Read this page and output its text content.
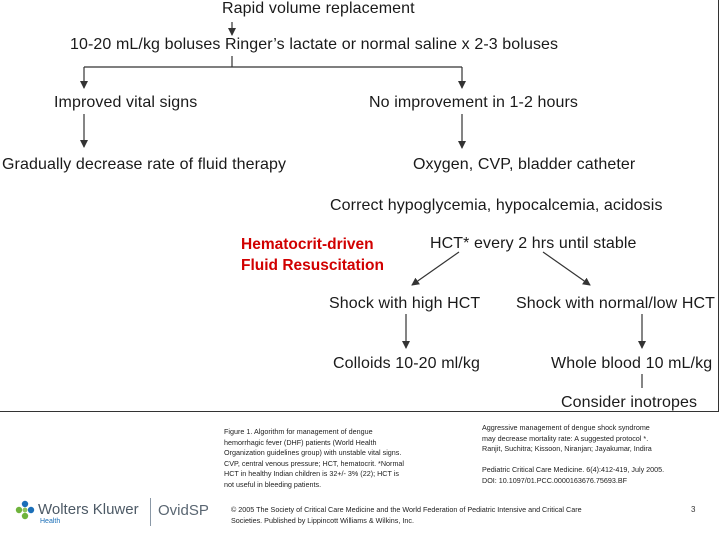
Rapid volume replacement
10-20 mL/kg boluses Ringer’s lactate or normal saline x 2-3 boluses
Improved vital signs	No improvement in 1-2 hours
Gradually decrease rate of fluid therapy	Oxygen, CVP, bladder catheter
Correct hypoglycemia, hypocalcemia, acidosis
Hematocrit-driven
Fluid Resuscitation
HCT* every 2 hrs until stable
Shock with high HCT Shock with normal/low HCT
Colloids 10-20 ml/kg	Whole blood 10 mL/kg
Consider inotropes
Figure 1. Algorithm for management of dengue
hemorrhagic fever (DHF) patients (World Health
Organization guidelines group) with unstable vital signs.
CVP, central venous pressure; HCT, hematocrit. *Normal
HCT in healthy Indian children is 32+/- 3% (22); HCT is
not useful in bleeding patients.
Aggressive management of dengue shock syndrome
may decrease mortality rate: A suggested protocol *.
Ranjit, Suchitra; Kissoon, Niranjan; Jayakumar, Indira
Pediatric Critical Care Medicine. 6(4):412-419, July 2005.
DOI: 10.1097/01.PCC.0000163676.75693.BF
© 2005 The Society of Critical Care Medicine and the World Federation of Pediatric Intensive and Critical Care
Societies. Published by Lippincott Williams & Wilkins, Inc.
Wolters Kluwer
Health
OvidSP	3
